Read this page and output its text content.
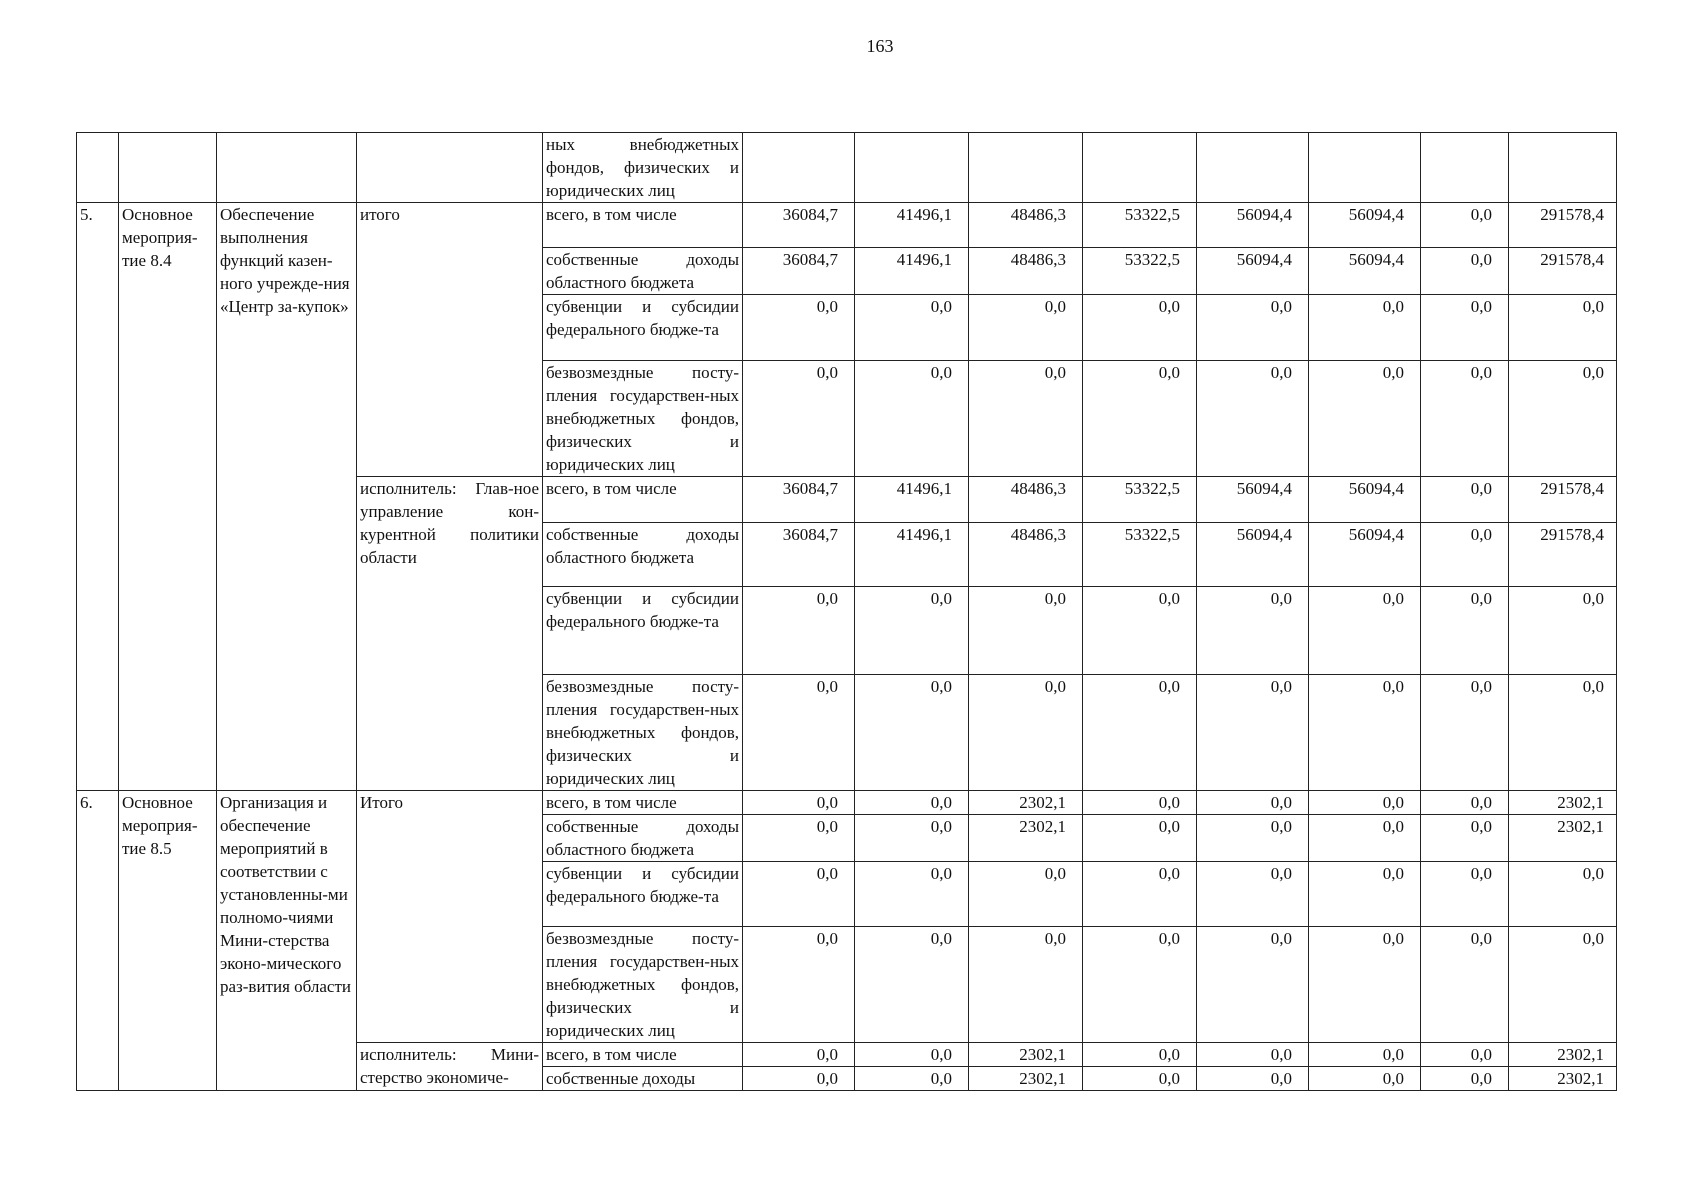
163
				ных внебюджетных фондов, физических и юридических лиц								
5.	Основное мероприя-тие 8.4	Обеспечение выполнения функций казен-ного учрежде-ния «Центр за-купок»	итого	всего, в том числе	36084,7	41496,1	48486,3	53322,5	56094,4	56094,4	0,0	291578,4
				собственные доходы областного бюджета	36084,7	41496,1	48486,3	53322,5	56094,4	56094,4	0,0	291578,4
				субвенции и субсидии федерального бюдже-та	0,0	0,0	0,0	0,0	0,0	0,0	0,0	0,0
				безвозмездные посту-пления государствен-ных внебюджетных фондов, физических и юридических лиц	0,0	0,0	0,0	0,0	0,0	0,0	0,0	0,0
			исполнитель: Глав-ное управление кон-курентной политики области	всего, в том числе	36084,7	41496,1	48486,3	53322,5	56094,4	56094,4	0,0	291578,4
				собственные доходы областного бюджета	36084,7	41496,1	48486,3	53322,5	56094,4	56094,4	0,0	291578,4
				субвенции и субсидии федерального бюдже-та	0,0	0,0	0,0	0,0	0,0	0,0	0,0	0,0
				безвозмездные посту-пления государствен-ных внебюджетных фондов, физических и юридических лиц	0,0	0,0	0,0	0,0	0,0	0,0	0,0	0,0
6.	Основное мероприя-тие 8.5	Организация и обеспечение мероприятий в соответствии с установленны-ми полномо-чиями Мини-стерства эконо-мического раз-вития области	Итого	всего, в том числе	0,0	0,0	2302,1	0,0	0,0	0,0	0,0	2302,1
				собственные доходы областного бюджета	0,0	0,0	2302,1	0,0	0,0	0,0	0,0	2302,1
				субвенции и субсидии федерального бюдже-та	0,0	0,0	0,0	0,0	0,0	0,0	0,0	0,0
				безвозмездные посту-пления государствен-ных внебюджетных фондов, физических и юридических лиц	0,0	0,0	0,0	0,0	0,0	0,0	0,0	0,0
			исполнитель: Мини-стерство экономиче-	всего, в том числе	0,0	0,0	2302,1	0,0	0,0	0,0	0,0	2302,1
				собственные доходы	0,0	0,0	2302,1	0,0	0,0	0,0	0,0	2302,1
